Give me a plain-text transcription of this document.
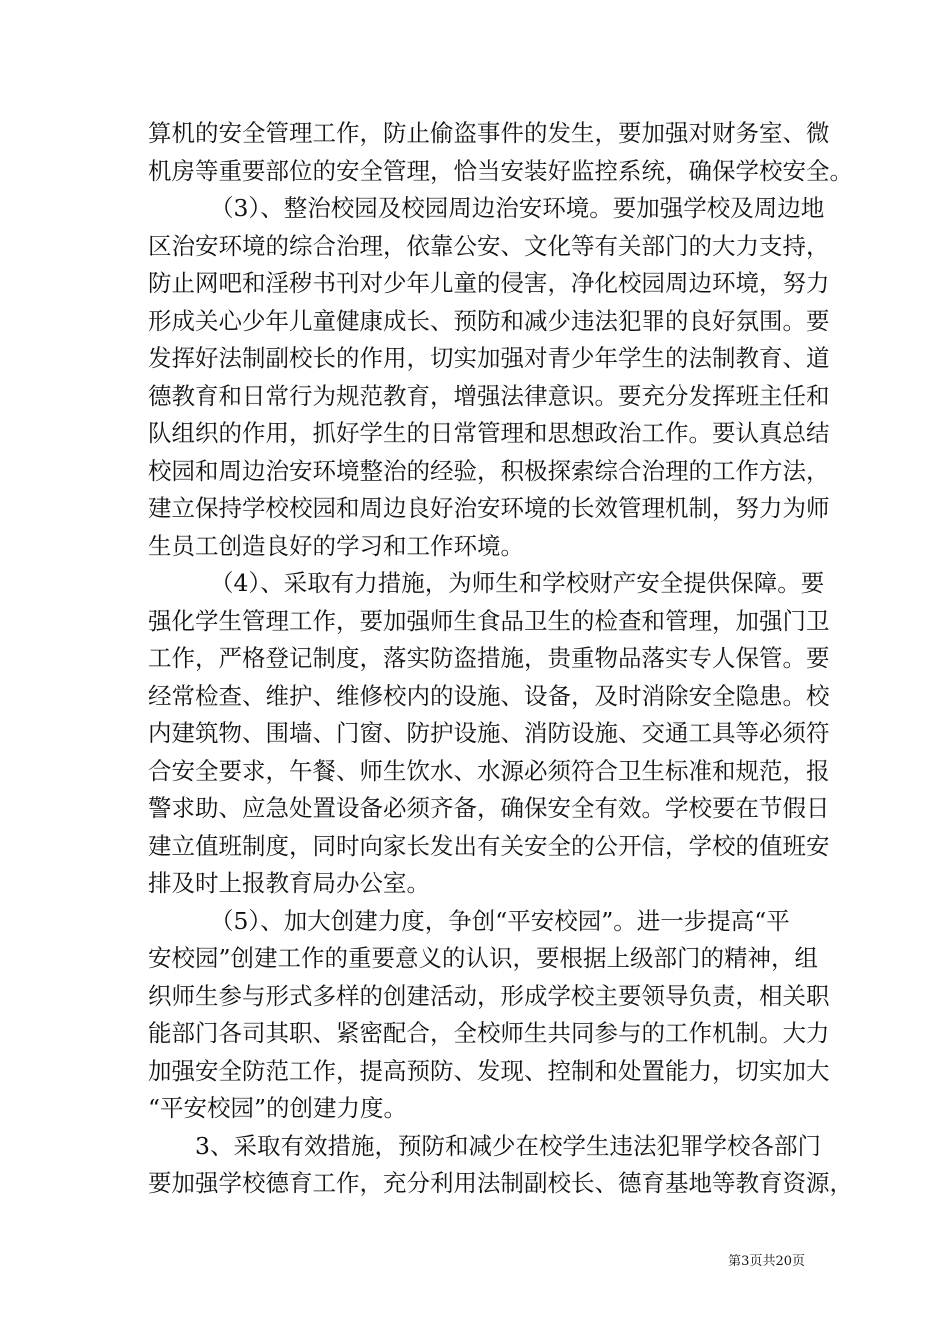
算机的安全管理工作，防止偷盗事件的发生，要加强对财务室、微
机房等重要部位的安全管理，恰当安装好监控系统，确保学校安全。
（3）、整治校园及校园周边治安环境。要加强学校及周边地
区治安环境的综合治理，依靠公安、文化等有关部门的大力支持，
防止网吧和淫秽书刊对少年儿童的侵害，净化校园周边环境，努力
形成关心少年儿童健康成长、预防和减少违法犯罪的良好氛围。要
发挥好法制副校长的作用，切实加强对青少年学生的法制教育、道
德教育和日常行为规范教育，增强法律意识。要充分发挥班主任和
队组织的作用，抓好学生的日常管理和思想政治工作。要认真总结
校园和周边治安环境整治的经验，积极探索综合治理的工作方法，
建立保持学校校园和周边良好治安环境的长效管理机制，努力为师
生员工创造良好的学习和工作环境。
（4）、采取有力措施，为师生和学校财产安全提供保障。要
强化学生管理工作，要加强师生食品卫生的检查和管理，加强门卫
工作，严格登记制度，落实防盗措施，贵重物品落实专人保管。要
经常检查、维护、维修校内的设施、设备，及时消除安全隐患。校
内建筑物、围墙、门窗、防护设施、消防设施、交通工具等必须符
合安全要求，午餐、师生饮水、水源必须符合卫生标准和规范，报
警求助、应急处置设备必须齐备，确保安全有效。学校要在节假日
建立值班制度，同时向家长发出有关安全的公开信，学校的值班安
排及时上报教育局办公室。
（5）、加大创建力度，争创“平安校园”。进一步提高“平
安校园”创建工作的重要意义的认识，要根据上级部门的精神，组
织师生参与形式多样的创建活动，形成学校主要领导负责，相关职
能部门各司其职、紧密配合，全校师生共同参与的工作机制。大力
加强安全防范工作，提高预防、发现、控制和处置能力，切实加大
“平安校园”的创建力度。
3、采取有效措施，预防和减少在校学生违法犯罪学校各部门
要加强学校德育工作，充分利用法制副校长、德育基地等教育资源，
第3页共20页
